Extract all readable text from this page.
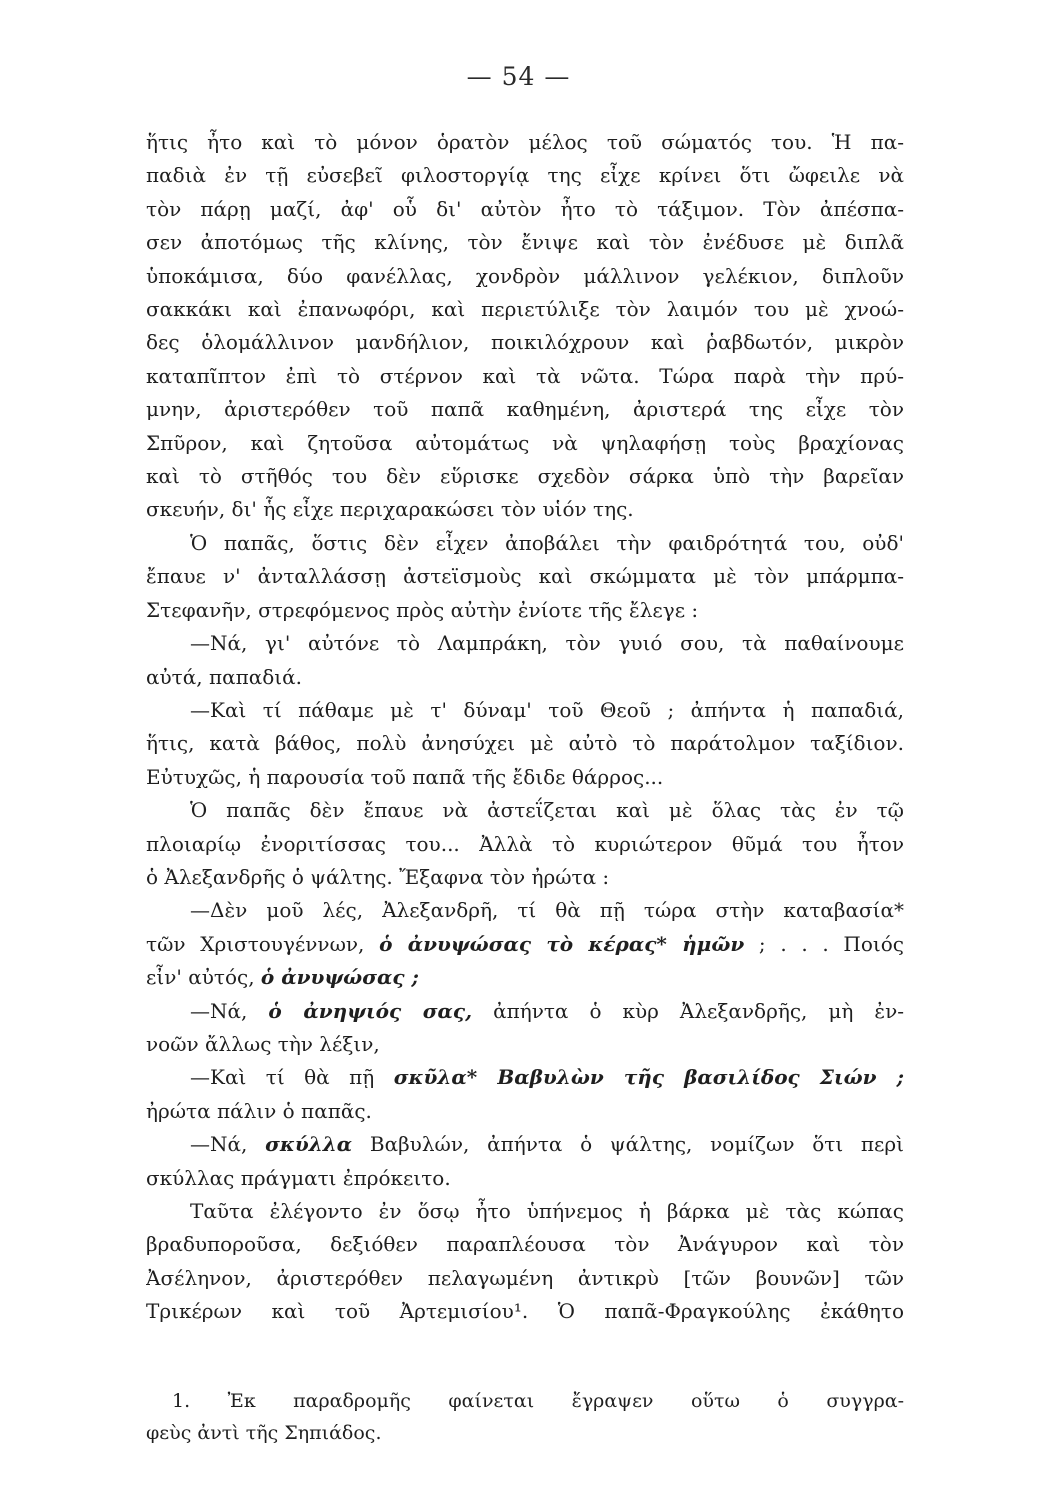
— 54 —
ἥτις ἦτο καὶ τὸ μόνον ὁρατὸν μέλος τοῦ σώματός του. Ἡ πα-
παδιὰ ἐν τῇ εὐσεβεῖ φιλοστοργίᾳ της εἶχε κρίνει ὅτι ὤφειλε νὰ
τὸν πάρῃ μαζί, ἀφ' οὗ δι' αὐτὸν ἦτο τὸ τάξιμον. Τὸν ἀπέσπα-
σεν ἀποτόμως τῆς κλίνης, τὸν ἔνιψε καὶ τὸν ἐνέδυσε μὲ διπλᾶ
ὑποκάμισα, δύο φανέλλας, χονδρὸν μάλλινον γελέκιον, διπλοῦν
σακκάκι καὶ ἐπανωφόρι, καὶ περιετύλιξε τὸν λαιμόν του μὲ χνοώ-
δες ὁλομάλλινον μανδήλιον, ποικιλόχρουν καὶ ῥαβδωτόν, μικρὸν
καταπῖπτον ἐπὶ τὸ στέρνον καὶ τὰ νῶτα. Τώρα παρὰ τὴν πρύ-
μνην, ἀριστερόθεν τοῦ παπᾶ καθημένη, ἀριστερά της εἶχε τὸν
Σπῦρον, καὶ ζητοῦσα αὐτομάτως νὰ ψηλαφήσῃ τοὺς βραχίονας
καὶ τὸ στῆθός του δὲν εὕρισκε σχεδὸν σάρκα ὑπὸ τὴν βαρεῖαν
σκευήν, δι' ἧς εἶχε περιχαρακώσει τὸν υἱόν της.
Ὁ παπᾶς, ὅστις δὲν εἶχεν ἀποβάλει τὴν φαιδρότητά του, οὐδ'
ἔπαυε ν' ἀνταλλάσσῃ ἀστεϊσμοὺς καὶ σκώμματα μὲ τὸν μπάρμπα-
Στεφανῆν, στρεφόμενος πρὸς αὐτὴν ἐνίοτε τῆς ἔλεγε :
—Νά, γι' αὐτόνε τὸ Λαμπράκη, τὸν γυιό σου, τὰ παθαίνουμε
αὐτά, παπαδιά.
—Καὶ τί πάθαμε μὲ τ' δύναμ' τοῦ Θεοῦ ; ἀπήντα ἡ παπαδιά,
ἥτις, κατὰ βάθος, πολὺ ἀνησύχει μὲ αὐτὸ τὸ παράτολμον ταξίδιον.
Εὐτυχῶς, ἡ παρουσία τοῦ παπᾶ τῆς ἔδιδε θάρρος...
Ὁ παπᾶς δὲν ἔπαυε νὰ ἀστεΐζεται καὶ μὲ ὅλας τὰς ἐν τῷ
πλοιαρίῳ ἐνοριτίσσας του... Ἀλλὰ τὸ κυριώτερον θῦμά του ἦτον
ὁ Ἀλεξανδρῆς ὁ ψάλτης. Ἔξαφνα τὸν ἠρώτα :
—Δὲν μοῦ λές, Ἀλεξανδρῆ, τί θὰ πῇ τώρα στὴν καταβασία*
τῶν Χριστουγέννων, ὁ ἀνυψώσας τὸ κέρας* ἡμῶν ; . . . Ποιός
εἶν' αὐτός, ὁ ἀνυψώσας ;
—Νά, ὁ ἀνηψιός σας, ἀπήντα ὁ κὺρ Ἀλεξανδρῆς, μὴ ἐν-
νοῶν ἄλλως τὴν λέξιν,
—Καὶ τί θὰ πῇ σκῦλα* Βαβυλὼν τῆς βασιλίδος Σιών ;
ἠρώτα πάλιν ὁ παπᾶς.
—Νά, σκύλλα Βαβυλών, ἀπήντα ὁ ψάλτης, νομίζων ὅτι περὶ
σκύλλας πράγματι ἐπρόκειτο.
Ταῦτα ἐλέγοντο ἐν ὅσῳ ἦτο ὑπήνεμος ἡ βάρκα μὲ τὰς κώπας
βραδυποροῦσα, δεξιόθεν παραπλέουσα τὸν Ἀνάγυρον καὶ τὸν
Ἀσέληνον, ἀριστερόθεν πελαγωμένη ἀντικρὺ [τῶν βουνῶν] τῶν
Τρικέρων καὶ τοῦ Ἀρτεμισίου¹. Ὁ παπᾶ-Φραγκούλης ἐκάθητο
1. Ἐκ παραδρομῆς φαίνεται ἔγραψεν οὕτω ὁ συγγρα-
φεὺς ἀντὶ τῆς Σηπιάδος.
